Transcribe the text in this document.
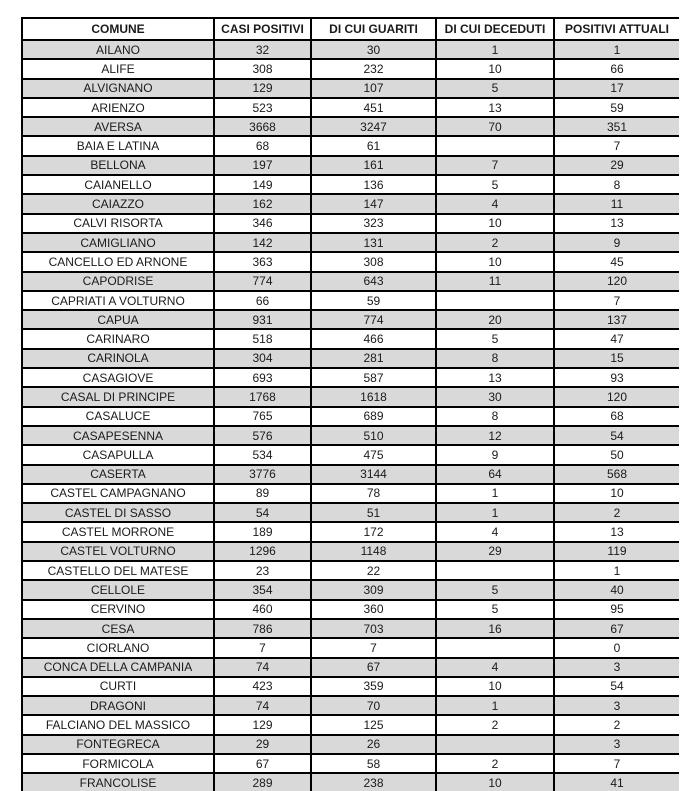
COMUNE	CASI POSITIVI	DI CUI GUARITI	DI CUI DECEDUTI	POSITIVI ATTUALI
AILANO	32	30	1	1
ALIFE	308	232	10	66
ALVIGNANO	129	107	5	17
ARIENZO	523	451	13	59
AVERSA	3668	3247	70	351
BAIA E LATINA	68	61		7
BELLONA	197	161	7	29
CAIANELLO	149	136	5	8
CAIAZZO	162	147	4	11
CALVI RISORTA	346	323	10	13
CAMIGLIANO	142	131	2	9
CANCELLO ED ARNONE	363	308	10	45
CAPODRISE	774	643	11	120
CAPRIATI A VOLTURNO	66	59		7
CAPUA	931	774	20	137
CARINARO	518	466	5	47
CARINOLA	304	281	8	15
CASAGIOVE	693	587	13	93
CASAL DI PRINCIPE	1768	1618	30	120
CASALUCE	765	689	8	68
CASAPESENNA	576	510	12	54
CASAPULLA	534	475	9	50
CASERTA	3776	3144	64	568
CASTEL CAMPAGNANO	89	78	1	10
CASTEL DI SASSO	54	51	1	2
CASTEL MORRONE	189	172	4	13
CASTEL VOLTURNO	1296	1148	29	119
CASTELLO DEL MATESE	23	22		1
CELLOLE	354	309	5	40
CERVINO	460	360	5	95
CESA	786	703	16	67
CIORLANO	7	7		0
CONCA DELLA CAMPANIA	74	67	4	3
CURTI	423	359	10	54
DRAGONI	74	70	1	3
FALCIANO DEL MASSICO	129	125	2	2
FONTEGRECA	29	26		3
FORMICOLA	67	58	2	7
FRANCOLISE	289	238	10	41
